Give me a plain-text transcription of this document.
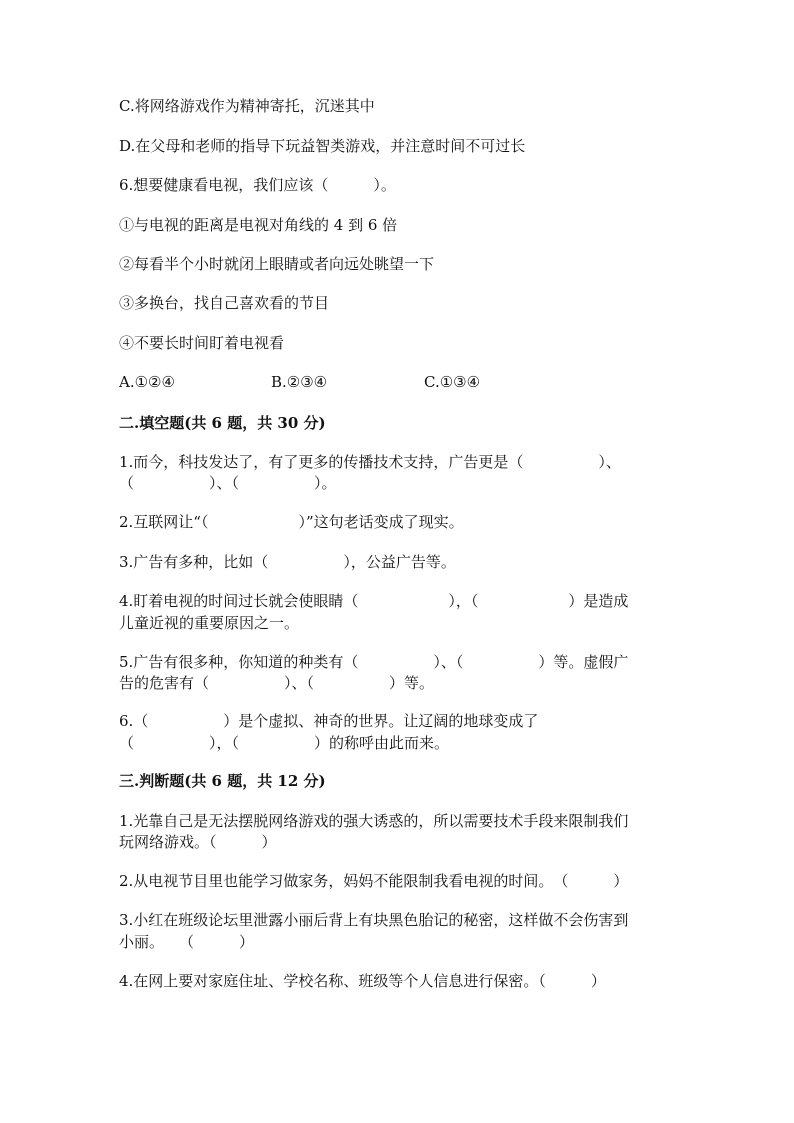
C.将网络游戏作为精神寄托，沉迷其中
D.在父母和老师的指导下玩益智类游戏，并注意时间不可过长
6.想要健康看电视，我们应该（　　　）。
①与电视的距离是电视对角线的 4 到 6 倍
②每看半个小时就闭上眼睛或者向远处眺望一下
③多换台，找自己喜欢看的节目
④不要长时间盯着电视看
A.①②④	B.②③④	C.①③④
二.填空题(共 6 题，共 30 分)
1.而今，科技发达了，有了更多的传播技术支持，广告更是（　　　　　）、
（　　　　　）、（　　　　　）。
2.互联网让“（　　　　　　）”这句老话变成了现实。
3.广告有多种，比如（　　　　　），公益广告等。
4.盯着电视的时间过长就会使眼睛（　　　　　　），（　　　　　　）是造成
儿童近视的重要原因之一。
5.广告有很多种，你知道的种类有（　　　　　）、（　　　　　）等。虚假广
告的危害有（　　　　　）、（　　　　　）等。
6.（　　　　　）是个虚拟、神奇的世界。让辽阔的地球变成了
（　　　　　），（　　　　　）的称呼由此而来。
三.判断题(共 6 题，共 12 分)
1.光靠自己是无法摆脱网络游戏的强大诱惑的，所以需要技术手段来限制我们
玩网络游戏。（　　　）
2.从电视节目里也能学习做家务，妈妈不能限制我看电视的时间。　（　　　）
3.小红在班级论坛里泄露小丽后背上有块黑色胎记的秘密，这样做不会伤害到
小丽。　　（　　　）
4.在网上要对家庭住址、学校名称、班级等个人信息进行保密。（　　　）
